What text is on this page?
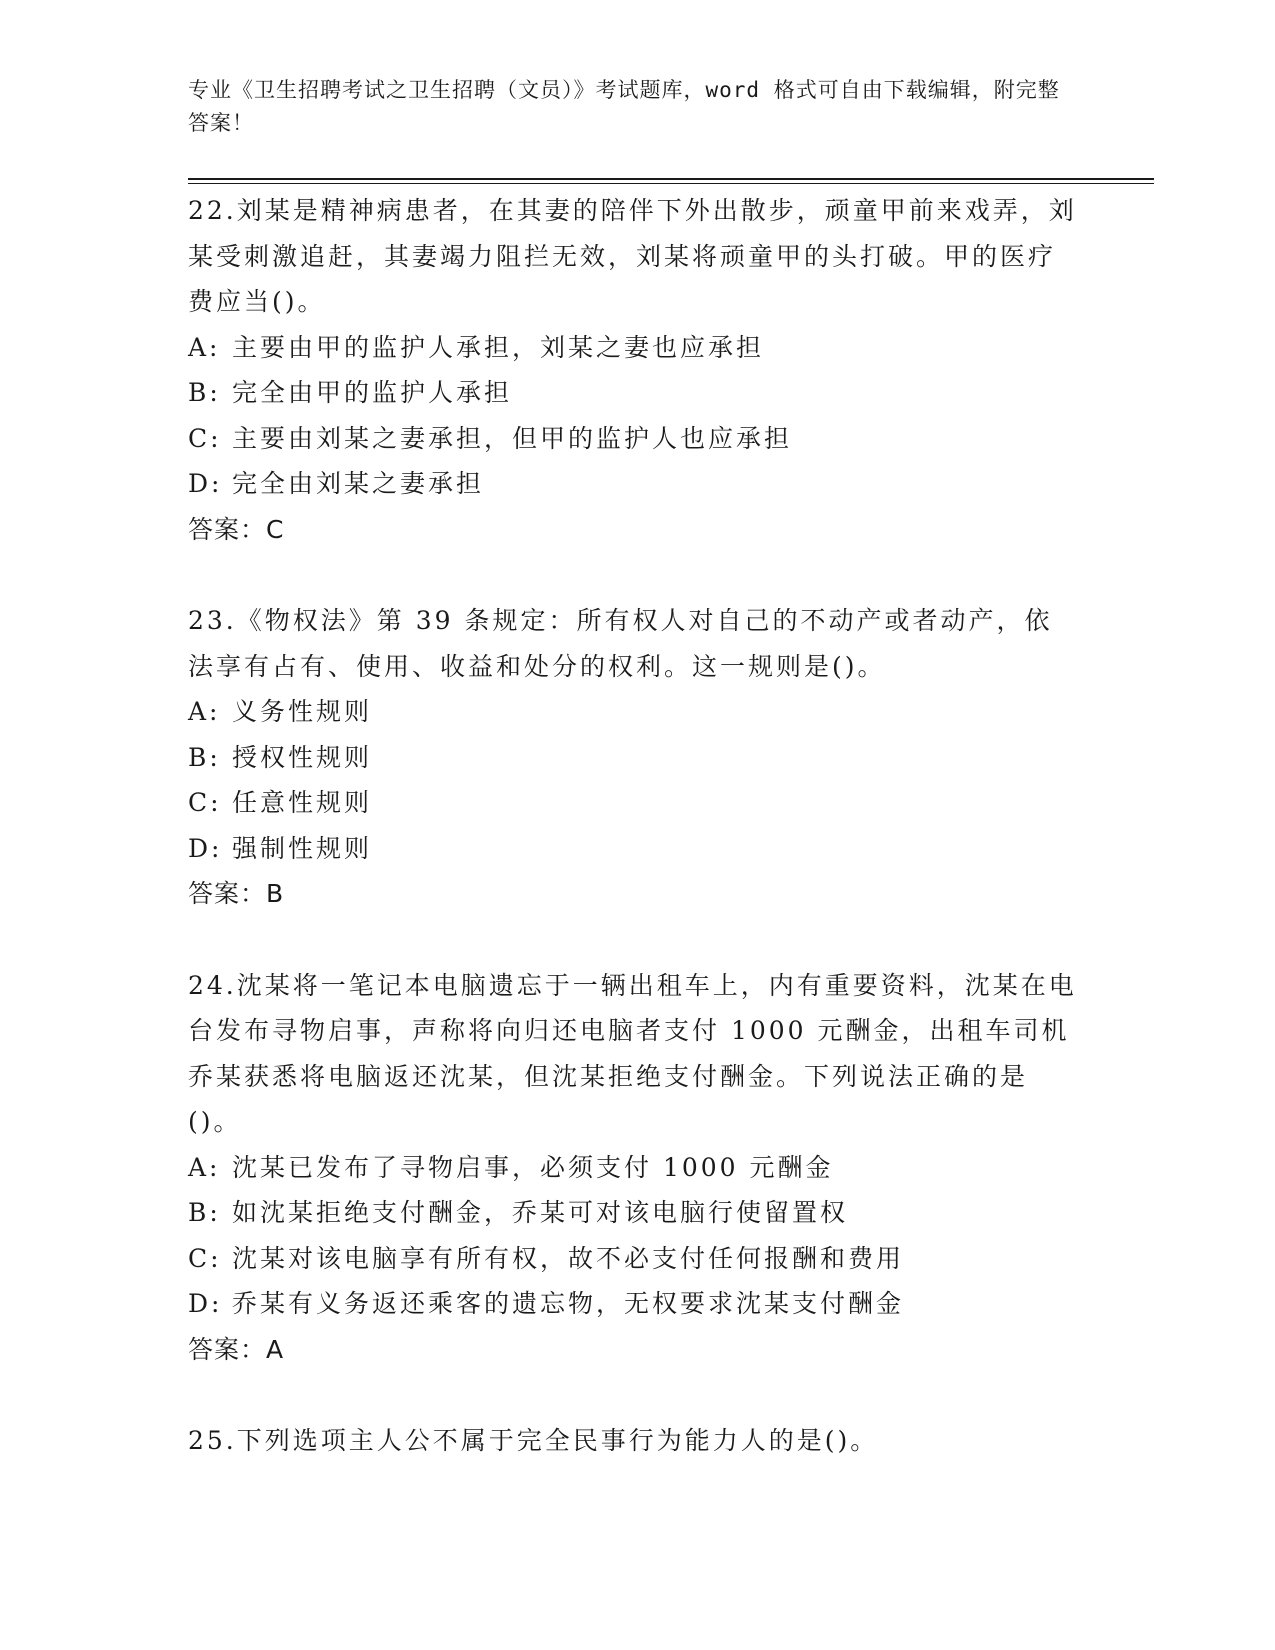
专业《卫生招聘考试之卫生招聘（文员）》考试题库，word 格式可自由下载编辑，附完整答案！

22.刘某是精神病患者，在其妻的陪伴下外出散步，顽童甲前来戏弄，刘某受刺激追赶，其妻竭力阻拦无效，刘某将顽童甲的头打破。甲的医疗费应当()。

A: 主要由甲的监护人承担，刘某之妻也应承担
B: 完全由甲的监护人承担
C: 主要由刘某之妻承担，但甲的监护人也应承担
D: 完全由刘某之妻承担
答案：C

23.《物权法》第 39 条规定：所有权人对自己的不动产或者动产，依法享有占有、使用、收益和处分的权利。这一规则是()。

A: 义务性规则
B: 授权性规则
C: 任意性规则
D: 强制性规则
答案：B

24.沈某将一笔记本电脑遗忘于一辆出租车上，内有重要资料，沈某在电台发布寻物启事，声称将向归还电脑者支付 1000 元酬金，出租车司机乔某获悉将电脑返还沈某，但沈某拒绝支付酬金。下列说法正确的是()。

A: 沈某已发布了寻物启事，必须支付 1000 元酬金
B: 如沈某拒绝支付酬金，乔某可对该电脑行使留置权
C: 沈某对该电脑享有所有权，故不必支付任何报酬和费用
D: 乔某有义务返还乘客的遗忘物，无权要求沈某支付酬金
答案：A

25.下列选项主人公不属于完全民事行为能力人的是()。
